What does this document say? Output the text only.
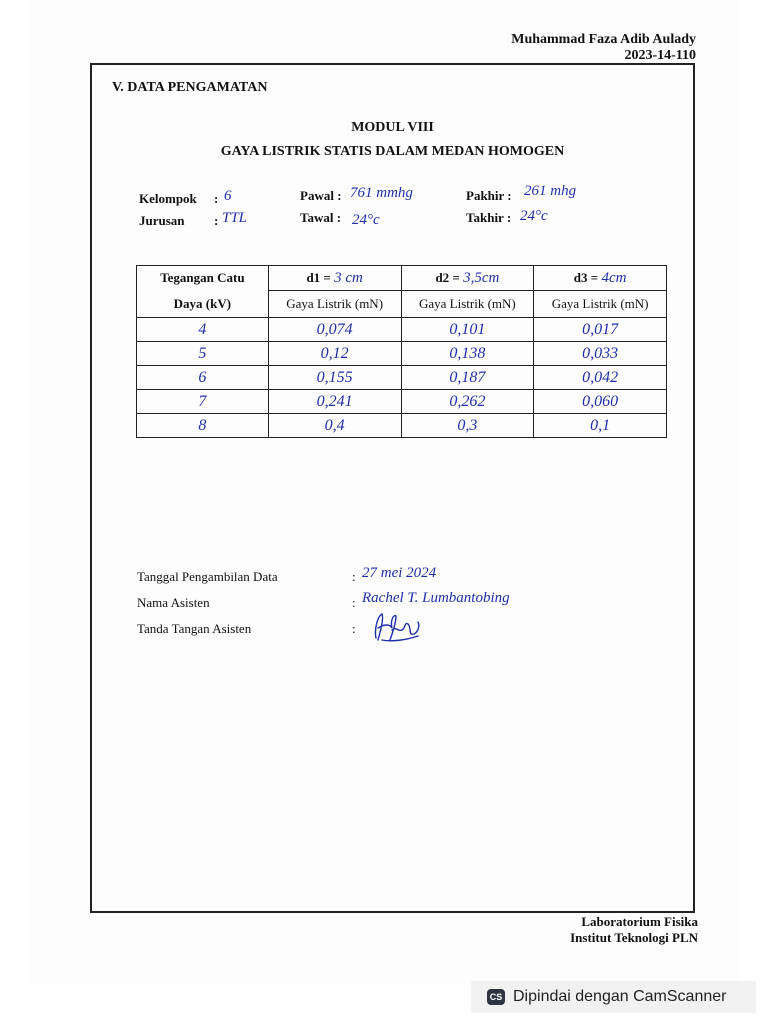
Muhammad Faza Adib Aulady
2023-14-110
V. DATA PENGAMATAN
MODUL VIII
GAYA LISTRIK STATIS DALAM MEDAN HOMOGEN
Kelompok : 6
Jurusan : TTL
Pawal : 761 mmhg
Tawal : 24°c
Pakhir : 261 mhg
Takhir : 24°c
Tegangan Catu	d1 = 3 cm	d2 = 3,5cm	d3 = 4cm
Daya (kV)	Gaya Listrik (mN)	Gaya Listrik (mN)	Gaya Listrik (mN)
4	0,074	0,101	0,017
5	0,12	0,138	0,033
6	0,155	0,187	0,042
7	0,241	0,262	0,060
8	0,4	0,3	0,1
Tanggal Pengambilan Data	: 27 mei 2024
Nama Asisten	: Rachel T. Lumbantobing
Tanda Tangan Asisten	:
Laboratorium Fisika
Institut Teknologi PLN
CS Dipindai dengan CamScanner
